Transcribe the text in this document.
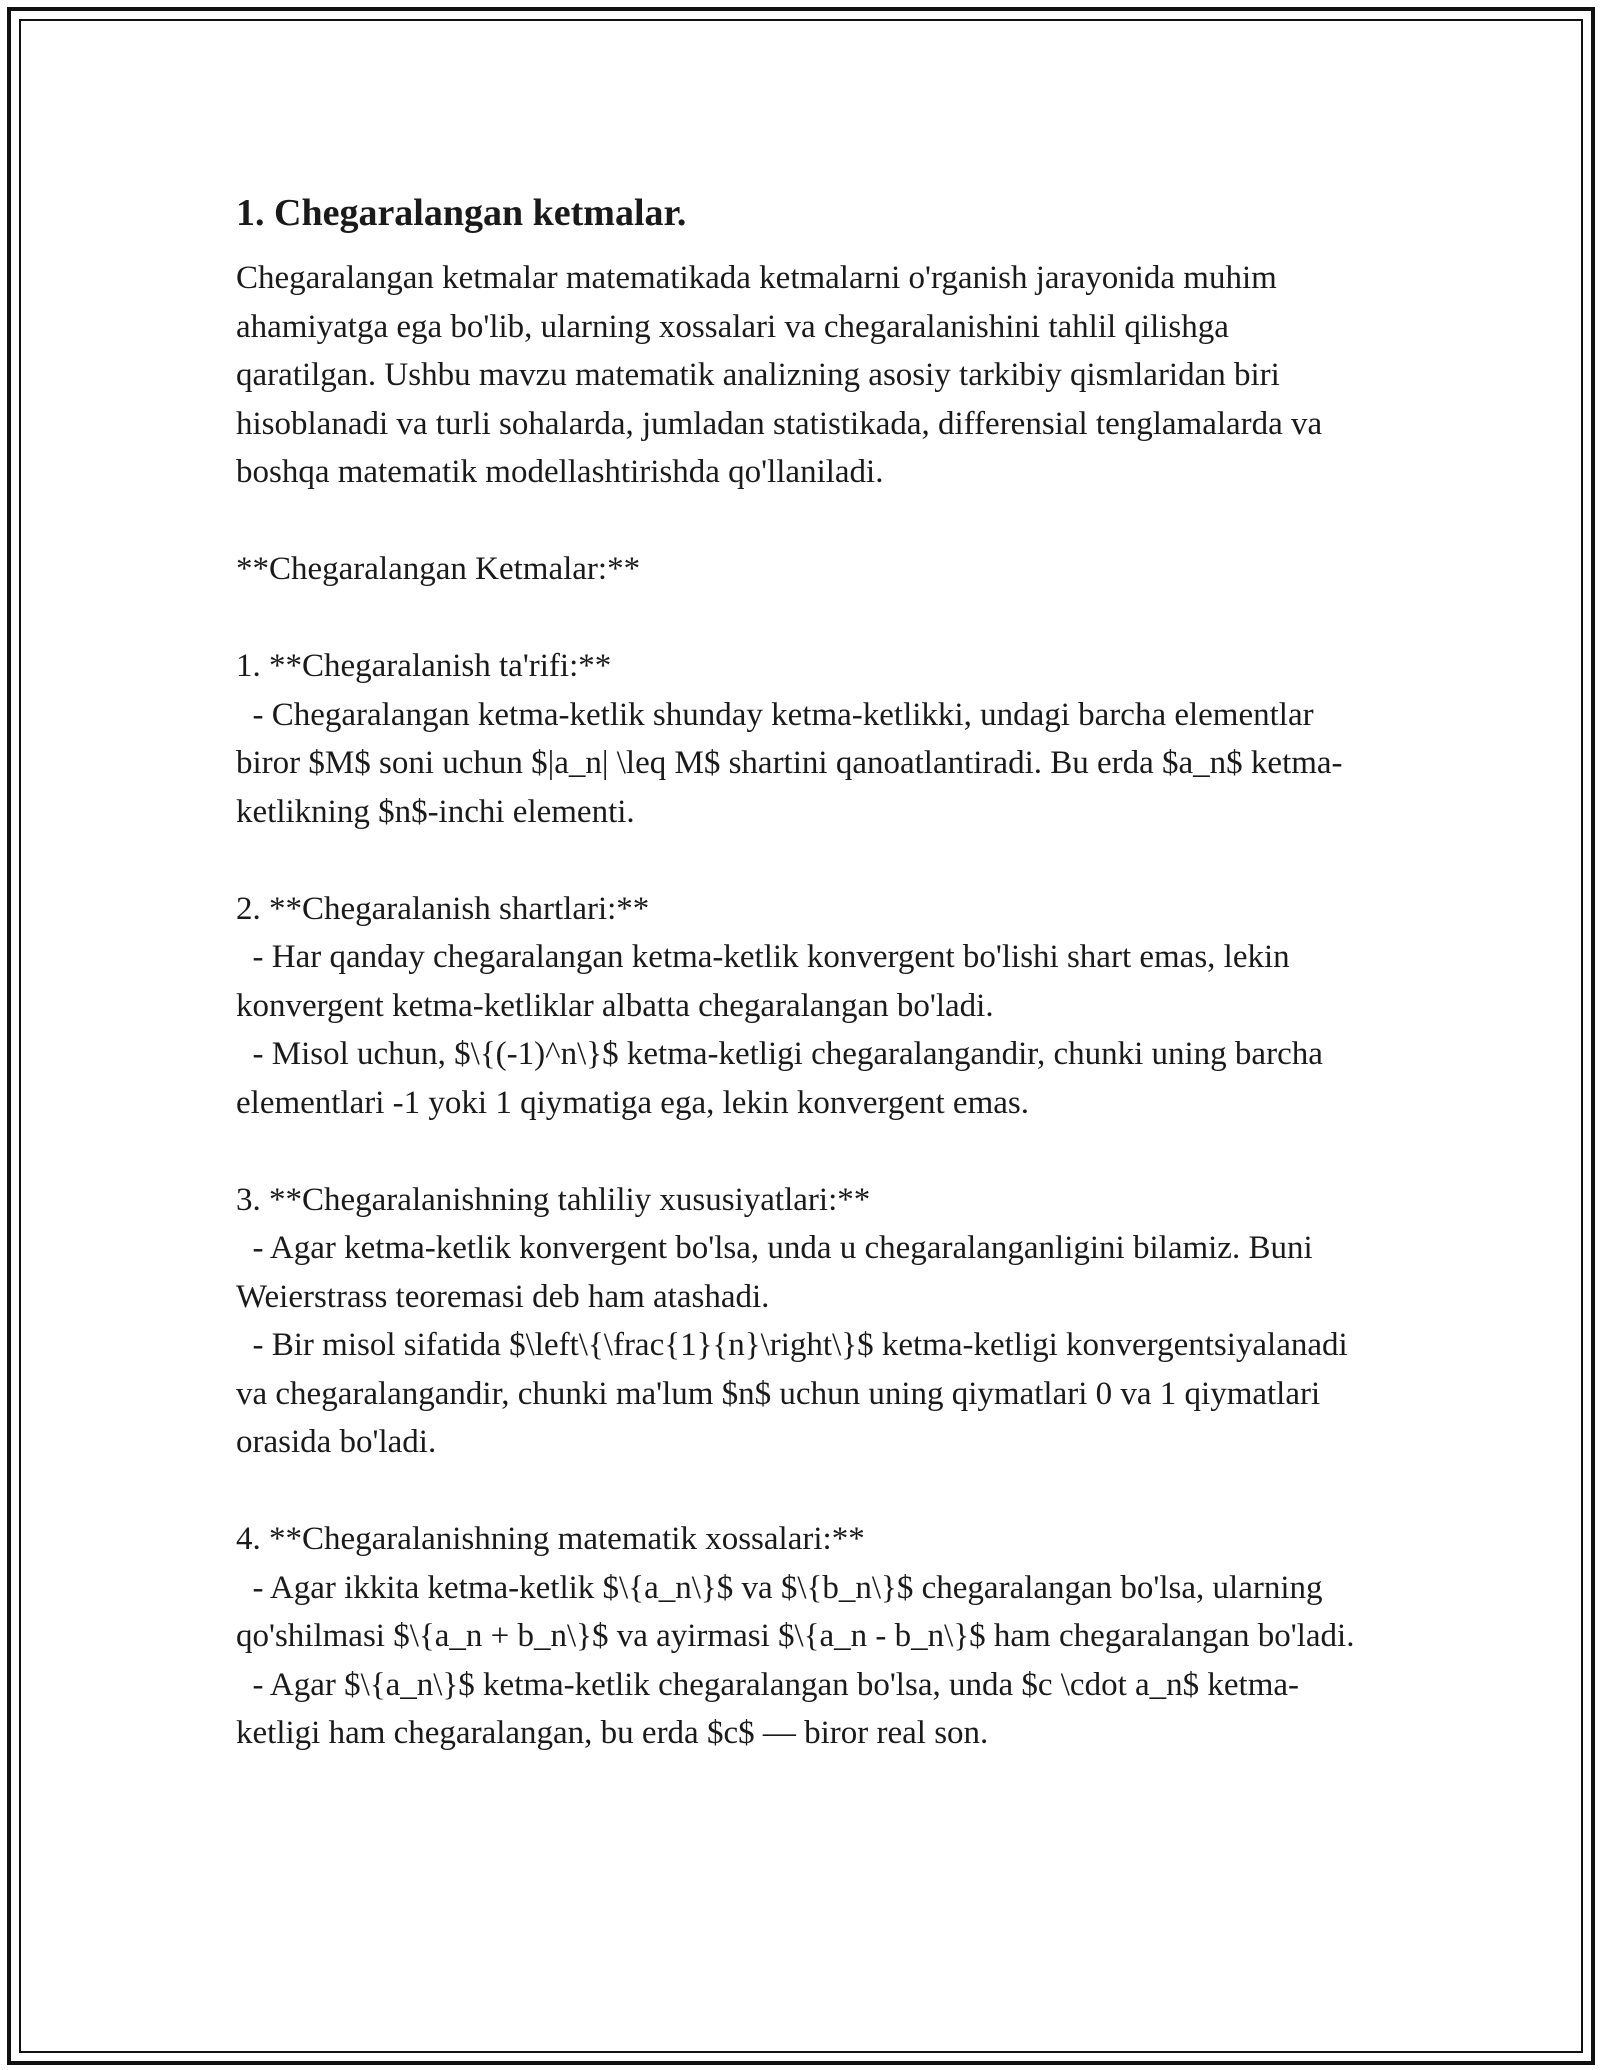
1. Chegaralangan ketmalar.

Chegaralangan ketmalar matematikada ketmalarni o'rganish jarayonida muhim ahamiyatga ega bo'lib, ularning xossalari va chegaralanishini tahlil qilishga qaratilgan. Ushbu mavzu matematik analizning asosiy tarkibiy qismlaridan biri hisoblanadi va turli sohalarda, jumladan statistikada, differensial tenglamalarda va boshqa matematik modellashtirishda qo'llaniladi.

**Chegaralangan Ketmalar:**

1. **Chegaralanish ta'rifi:**

- Chegaralangan ketma-ketlik shunday ketma-ketlikki, undagi barcha elementlar biror $M$ soni uchun $|a_n| \leq M$ shartini qanoatlantiradi. Bu erda $a_n$ ketma-ketlikning $n$-inchi elementi.

2. **Chegaralanish shartlari:**

- Har qanday chegaralangan ketma-ketlik konvergent bo'lishi shart emas, lekin konvergent ketma-ketliklar albatta chegaralangan bo'ladi.

- Misol uchun, $\{(-1)^n\}$ ketma-ketligi chegaralangandir, chunki uning barcha elementlari -1 yoki 1 qiymatiga ega, lekin konvergent emas.

3. **Chegaralanishning tahliliy xususiyatlari:**

- Agar ketma-ketlik konvergent bo'lsa, unda u chegaralanganligini bilamiz. Buni Weierstrass teoremasi deb ham atashadi.

- Bir misol sifatida $\left\{\frac{1}{n}\right\}$ ketma-ketligi konvergentsiyalanadi va chegaralangandir, chunki ma'lum $n$ uchun uning qiymatlari 0 va 1 qiymatlari orasida bo'ladi.

4. **Chegaralanishning matematik xossalari:**

- Agar ikkita ketma-ketlik $\{a_n\}$ va $\{b_n\}$ chegaralangan bo'lsa, ularning qo'shilmasi $\{a_n + b_n\}$ va ayirmasi $\{a_n - b_n\}$ ham chegaralangan bo'ladi.

- Agar $\{a_n\}$ ketma-ketlik chegaralangan bo'lsa, unda $c \cdot a_n$ ketma-ketligi ham chegaralangan, bu erda $c$ — biror real son.
